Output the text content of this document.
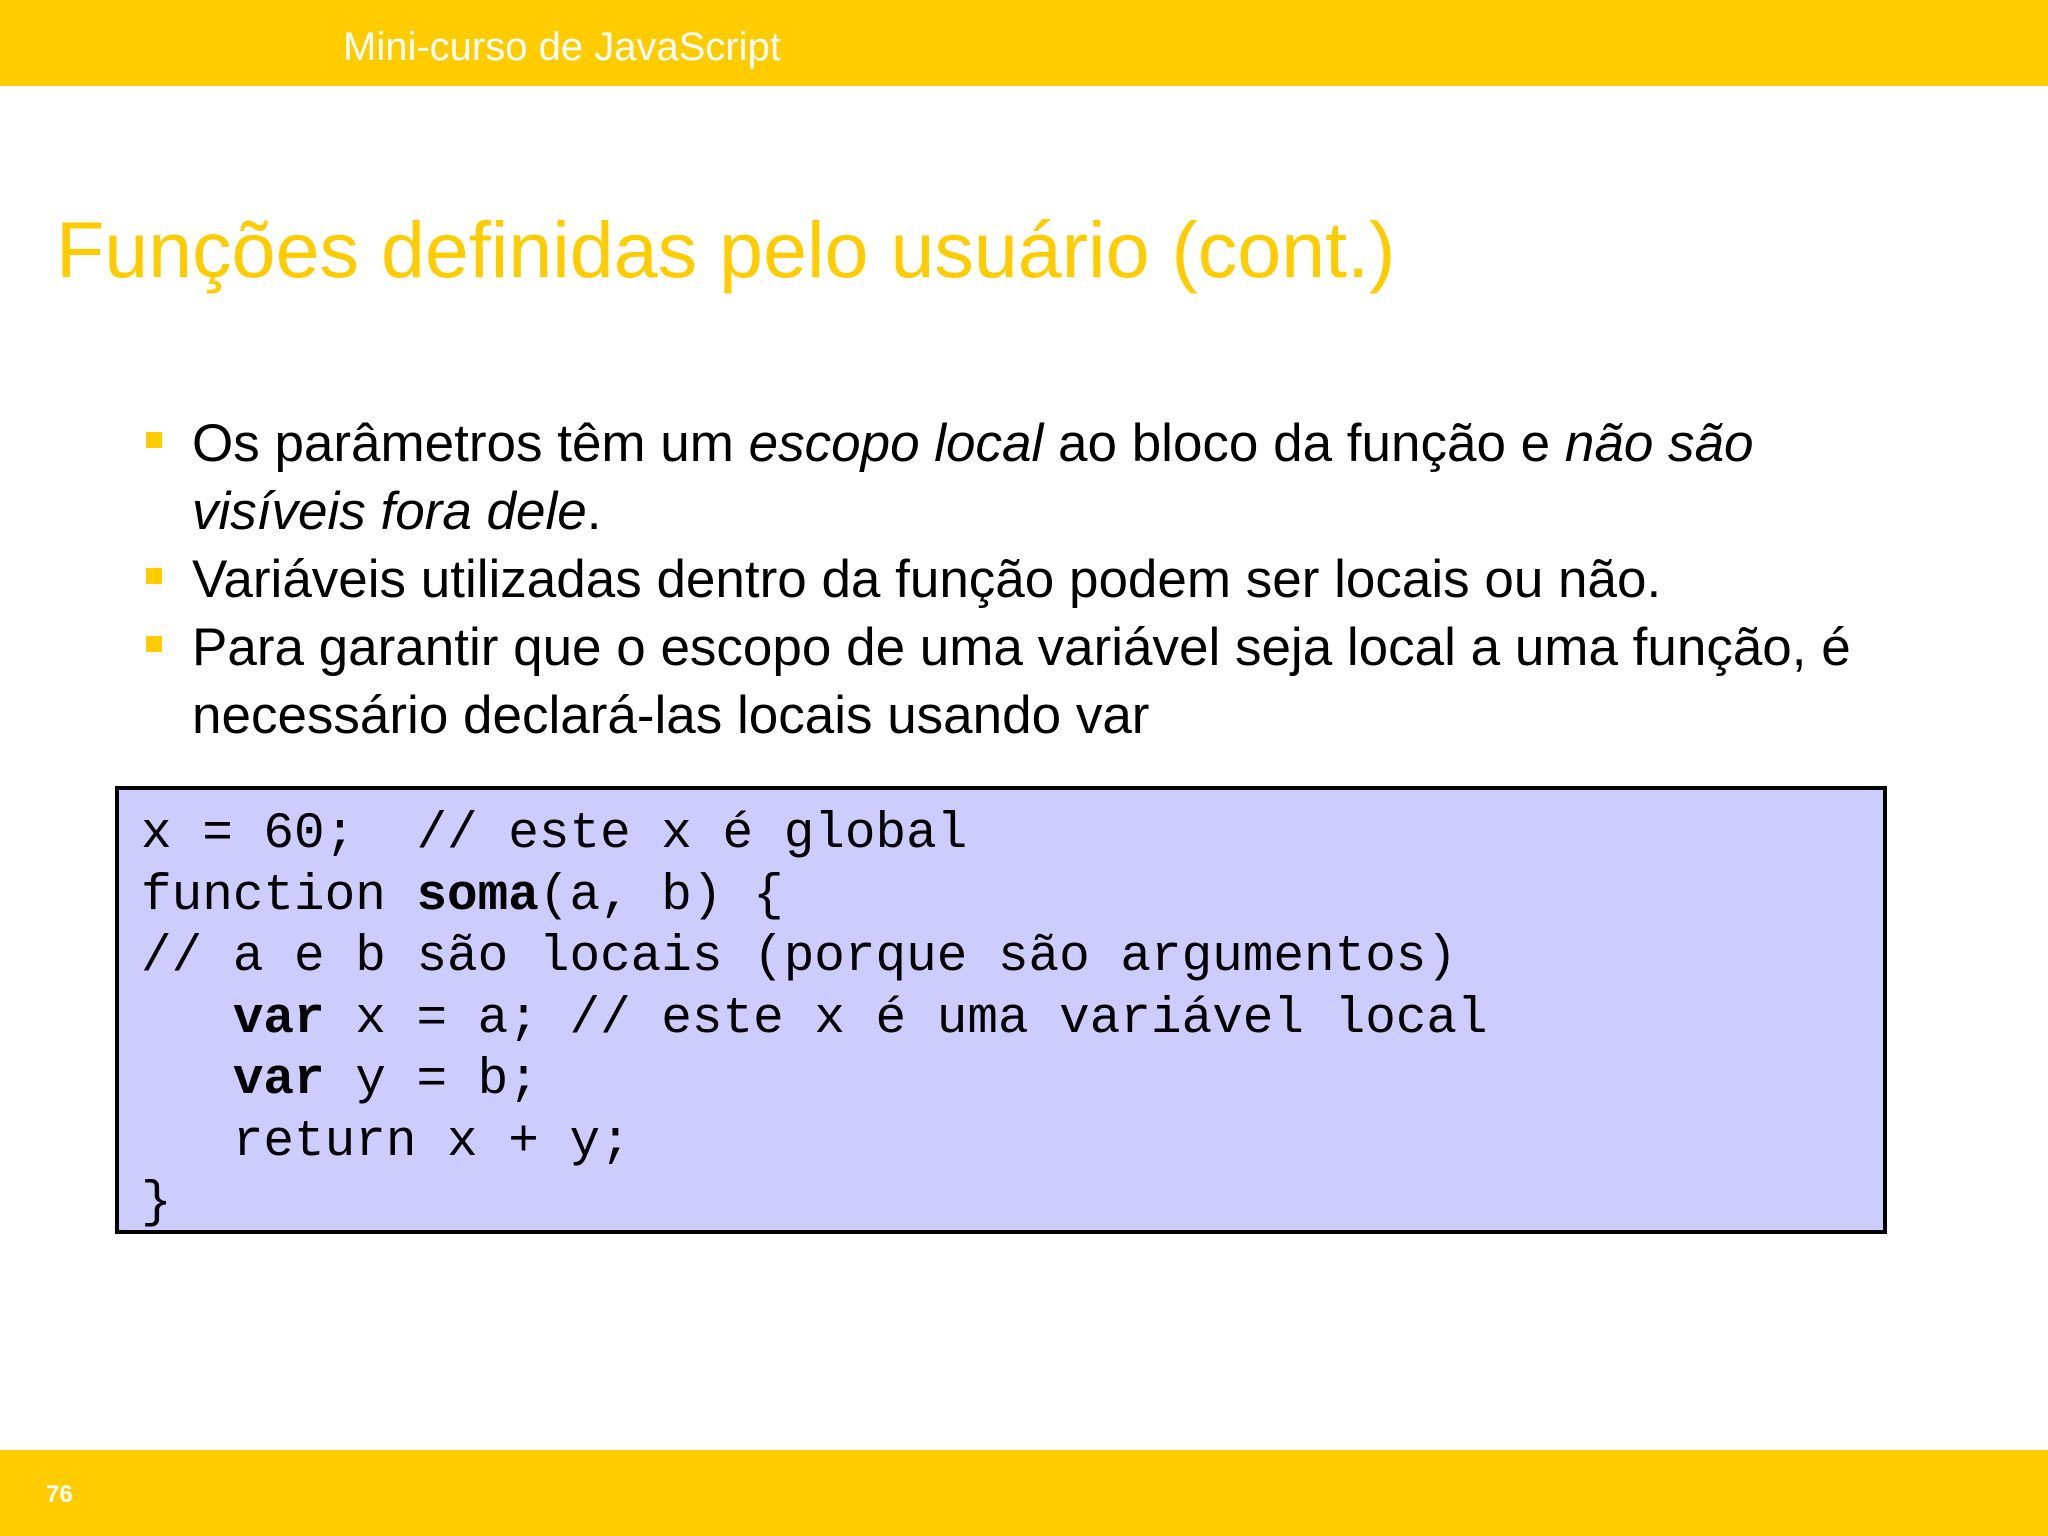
Mini-curso de JavaScript
Funções definidas pelo usuário (cont.)
Os parâmetros têm um escopo local ao bloco da função e não são visíveis fora dele.
Variáveis utilizadas dentro da função podem ser locais ou não.
Para garantir que o escopo de uma variável seja local a uma função, é necessário declará-las locais usando var
x = 60;  // este x é global
function soma(a, b) {
// a e b são locais (porque são argumentos)
var x = a; // este x é uma variável local
var y = b;
return x + y;
}
76
